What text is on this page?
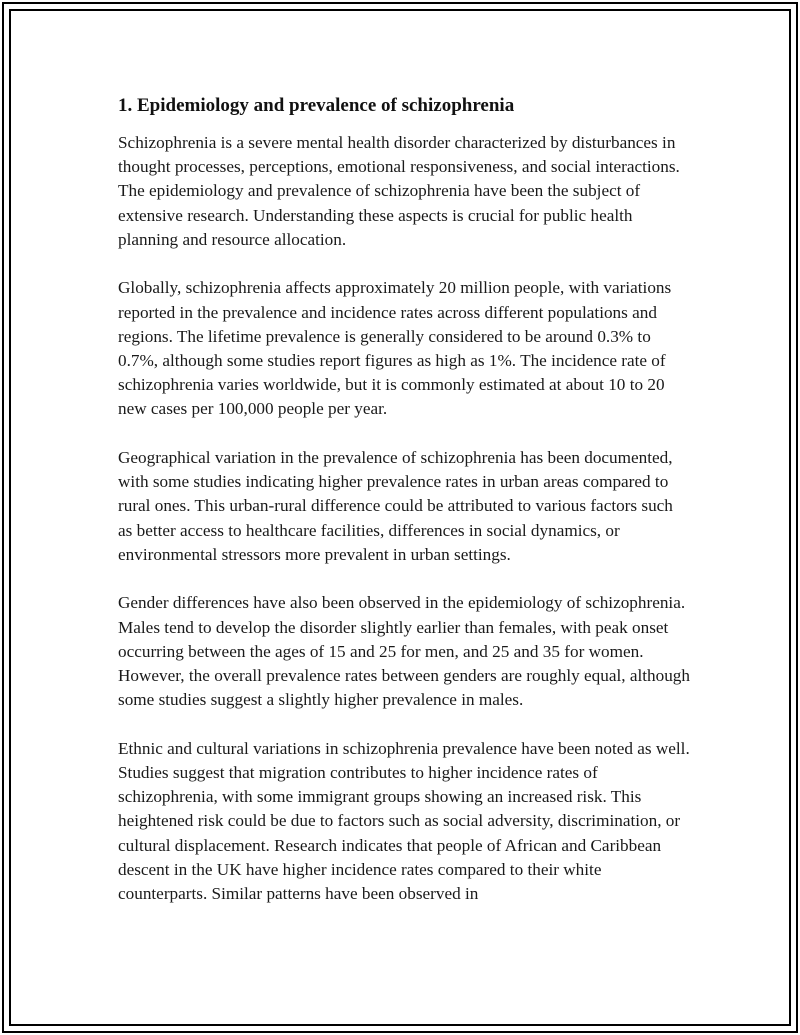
1. Epidemiology and prevalence of schizophrenia

Schizophrenia is a severe mental health disorder characterized by disturbances in thought processes, perceptions, emotional responsiveness, and social interactions. The epidemiology and prevalence of schizophrenia have been the subject of extensive research. Understanding these aspects is crucial for public health planning and resource allocation.

Globally, schizophrenia affects approximately 20 million people, with variations reported in the prevalence and incidence rates across different populations and regions. The lifetime prevalence is generally considered to be around 0.3% to 0.7%, although some studies report figures as high as 1%. The incidence rate of schizophrenia varies worldwide, but it is commonly estimated at about 10 to 20 new cases per 100,000 people per year.

Geographical variation in the prevalence of schizophrenia has been documented, with some studies indicating higher prevalence rates in urban areas compared to rural ones. This urban-rural difference could be attributed to various factors such as better access to healthcare facilities, differences in social dynamics, or environmental stressors more prevalent in urban settings.

Gender differences have also been observed in the epidemiology of schizophrenia. Males tend to develop the disorder slightly earlier than females, with peak onset occurring between the ages of 15 and 25 for men, and 25 and 35 for women. However, the overall prevalence rates between genders are roughly equal, although some studies suggest a slightly higher prevalence in males.

Ethnic and cultural variations in schizophrenia prevalence have been noted as well. Studies suggest that migration contributes to higher incidence rates of schizophrenia, with some immigrant groups showing an increased risk. This heightened risk could be due to factors such as social adversity, discrimination, or cultural displacement. Research indicates that people of African and Caribbean descent in the UK have higher incidence rates compared to their white counterparts. Similar patterns have been observed in
